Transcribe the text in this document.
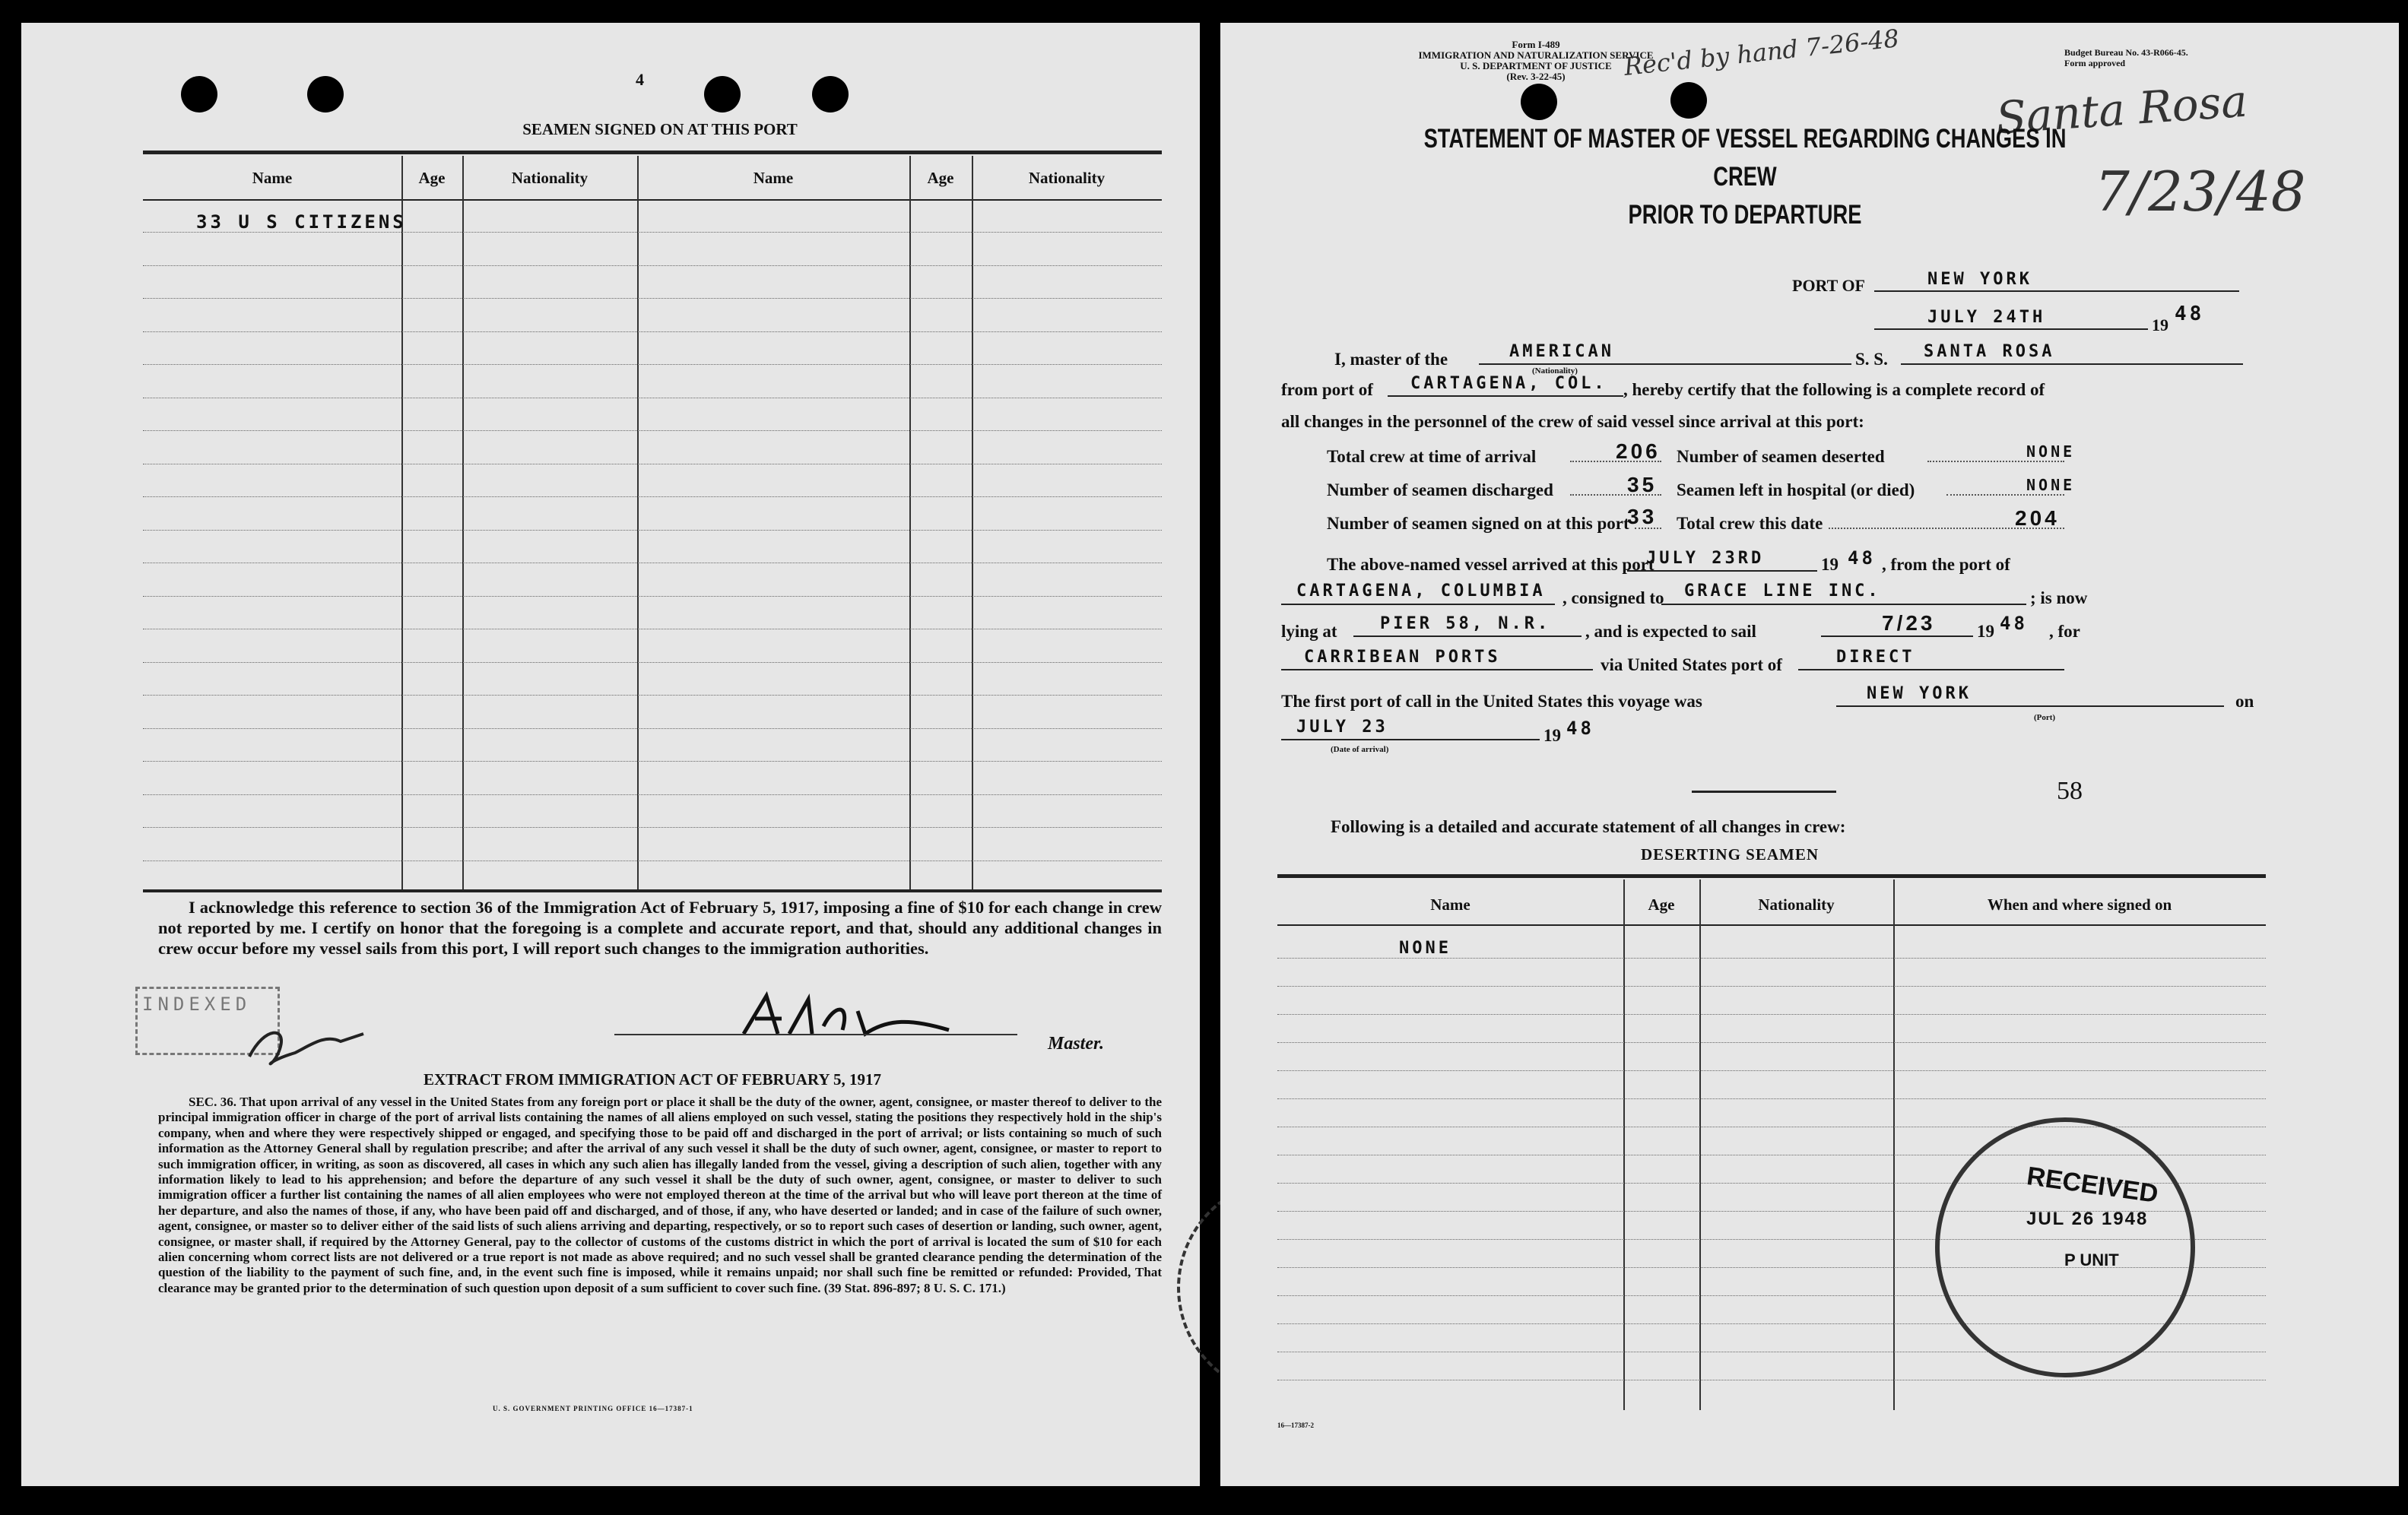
4
SEAMEN SIGNED ON AT THIS PORT
Name	Age	Nationality	Name	Age	Nationality
33 U S CITIZENS
I acknowledge this reference to section 36 of the Immigration Act of February 5, 1917, imposing a fine of $10 for each change in crew not reported by me. I certify on honor that the foregoing is a complete and accurate report, and that, should any additional changes in crew occur before my vessel sails from this port, I will report such changes to the immigration authorities.
INDEXED
Master.
EXTRACT FROM IMMIGRATION ACT OF FEBRUARY 5, 1917
SEC. 36. That upon arrival of any vessel in the United States from any foreign port or place it shall be the duty of the owner, agent, consignee, or master thereof to deliver to the principal immigration officer in charge of the port of arrival lists containing the names of all aliens employed on such vessel, stating the positions they respectively hold in the ship's company, when and where they were respectively shipped or engaged, and specifying those to be paid off and discharged in the port of arrival; or lists containing so much of such information as the Attorney General shall by regulation prescribe; and after the arrival of any such vessel it shall be the duty of such owner, agent, consignee, or master to report to such immigration officer, in writing, as soon as discovered, all cases in which any such alien has illegally landed from the vessel, giving a description of such alien, together with any information likely to lead to his apprehension; and before the departure of any such vessel it shall be the duty of such owner, agent, consignee, or master to deliver to such immigration officer a further list containing the names of all alien employees who were not employed thereon at the time of the arrival but who will leave port thereon at the time of her departure, and also the names of those, if any, who have been paid off and discharged, and of those, if any, who have deserted or landed; and in case of the failure of such owner, agent, consignee, or master so to deliver either of the said lists of such aliens arriving and departing, respectively, or so to report such cases of desertion or landing, such owner, agent, consignee, or master shall, if required by the Attorney General, pay to the collector of customs of the customs district in which the port of arrival is located the sum of $10 for each alien concerning whom correct lists are not delivered or a true report is not made as above required; and no such vessel shall be granted clearance pending the determination of the question of the liability to the payment of such fine, and, in the event such fine is imposed, while it remains unpaid; nor shall such fine be remitted or refunded: Provided, That clearance may be granted prior to the determination of such question upon deposit of a sum sufficient to cover such fine. (39 Stat. 896-897; 8 U. S. C. 171.)
U. S. GOVERNMENT PRINTING OFFICE 16—17387-1
Form I-489
IMMIGRATION AND NATURALIZATION SERVICE
U. S. DEPARTMENT OF JUSTICE
(Rev. 3-22-45)
Budget Bureau No. 43-R066-45.
Form approved
Rec'd by hand 7-26-48
Santa Rosa
7/23/48
STATEMENT OF MASTER OF VESSEL REGARDING CHANGES IN CREW
PRIOR TO DEPARTURE
PORT OF	NEW YORK
JULY 24TH	19 48
I, master of the	AMERICAN	S. S. SANTA ROSA
from port of CARTAGENA, COL.
(Nationality)
, hereby certify that the following is a complete record of
all changes in the personnel of the crew of said vessel since arrival at this port:
Total crew at time of arrival	206
Number of seamen discharged	35
Number of seamen signed on at this port
33
Number of seamen deserted	NONE
Seamen left in hospital (or died)	NONE
Total crew this date	204
The above-named vessel arrived at this port
JULY 23RD	19 48 , from the port of
CARTAGENA, COLUMBIA , consigned to GRACE LINE INC.	; is now
lying at	PIER 58, N.R. , and is expected to sail	7/23 19 48 , for
CARRIBEAN PORTS	via United States port of	DIRECT
The first port of call in the United States this voyage was	NEW YORK
(Port)
on
JULY 23
(Date of arrival)
19 48
58
Following is a detailed and accurate statement of all changes in crew:
DESERTING SEAMEN
Name	Age	Nationality	When and where signed on
NONE
16—17387-2
RECEIVED
JUL 26 1948
P UNIT
